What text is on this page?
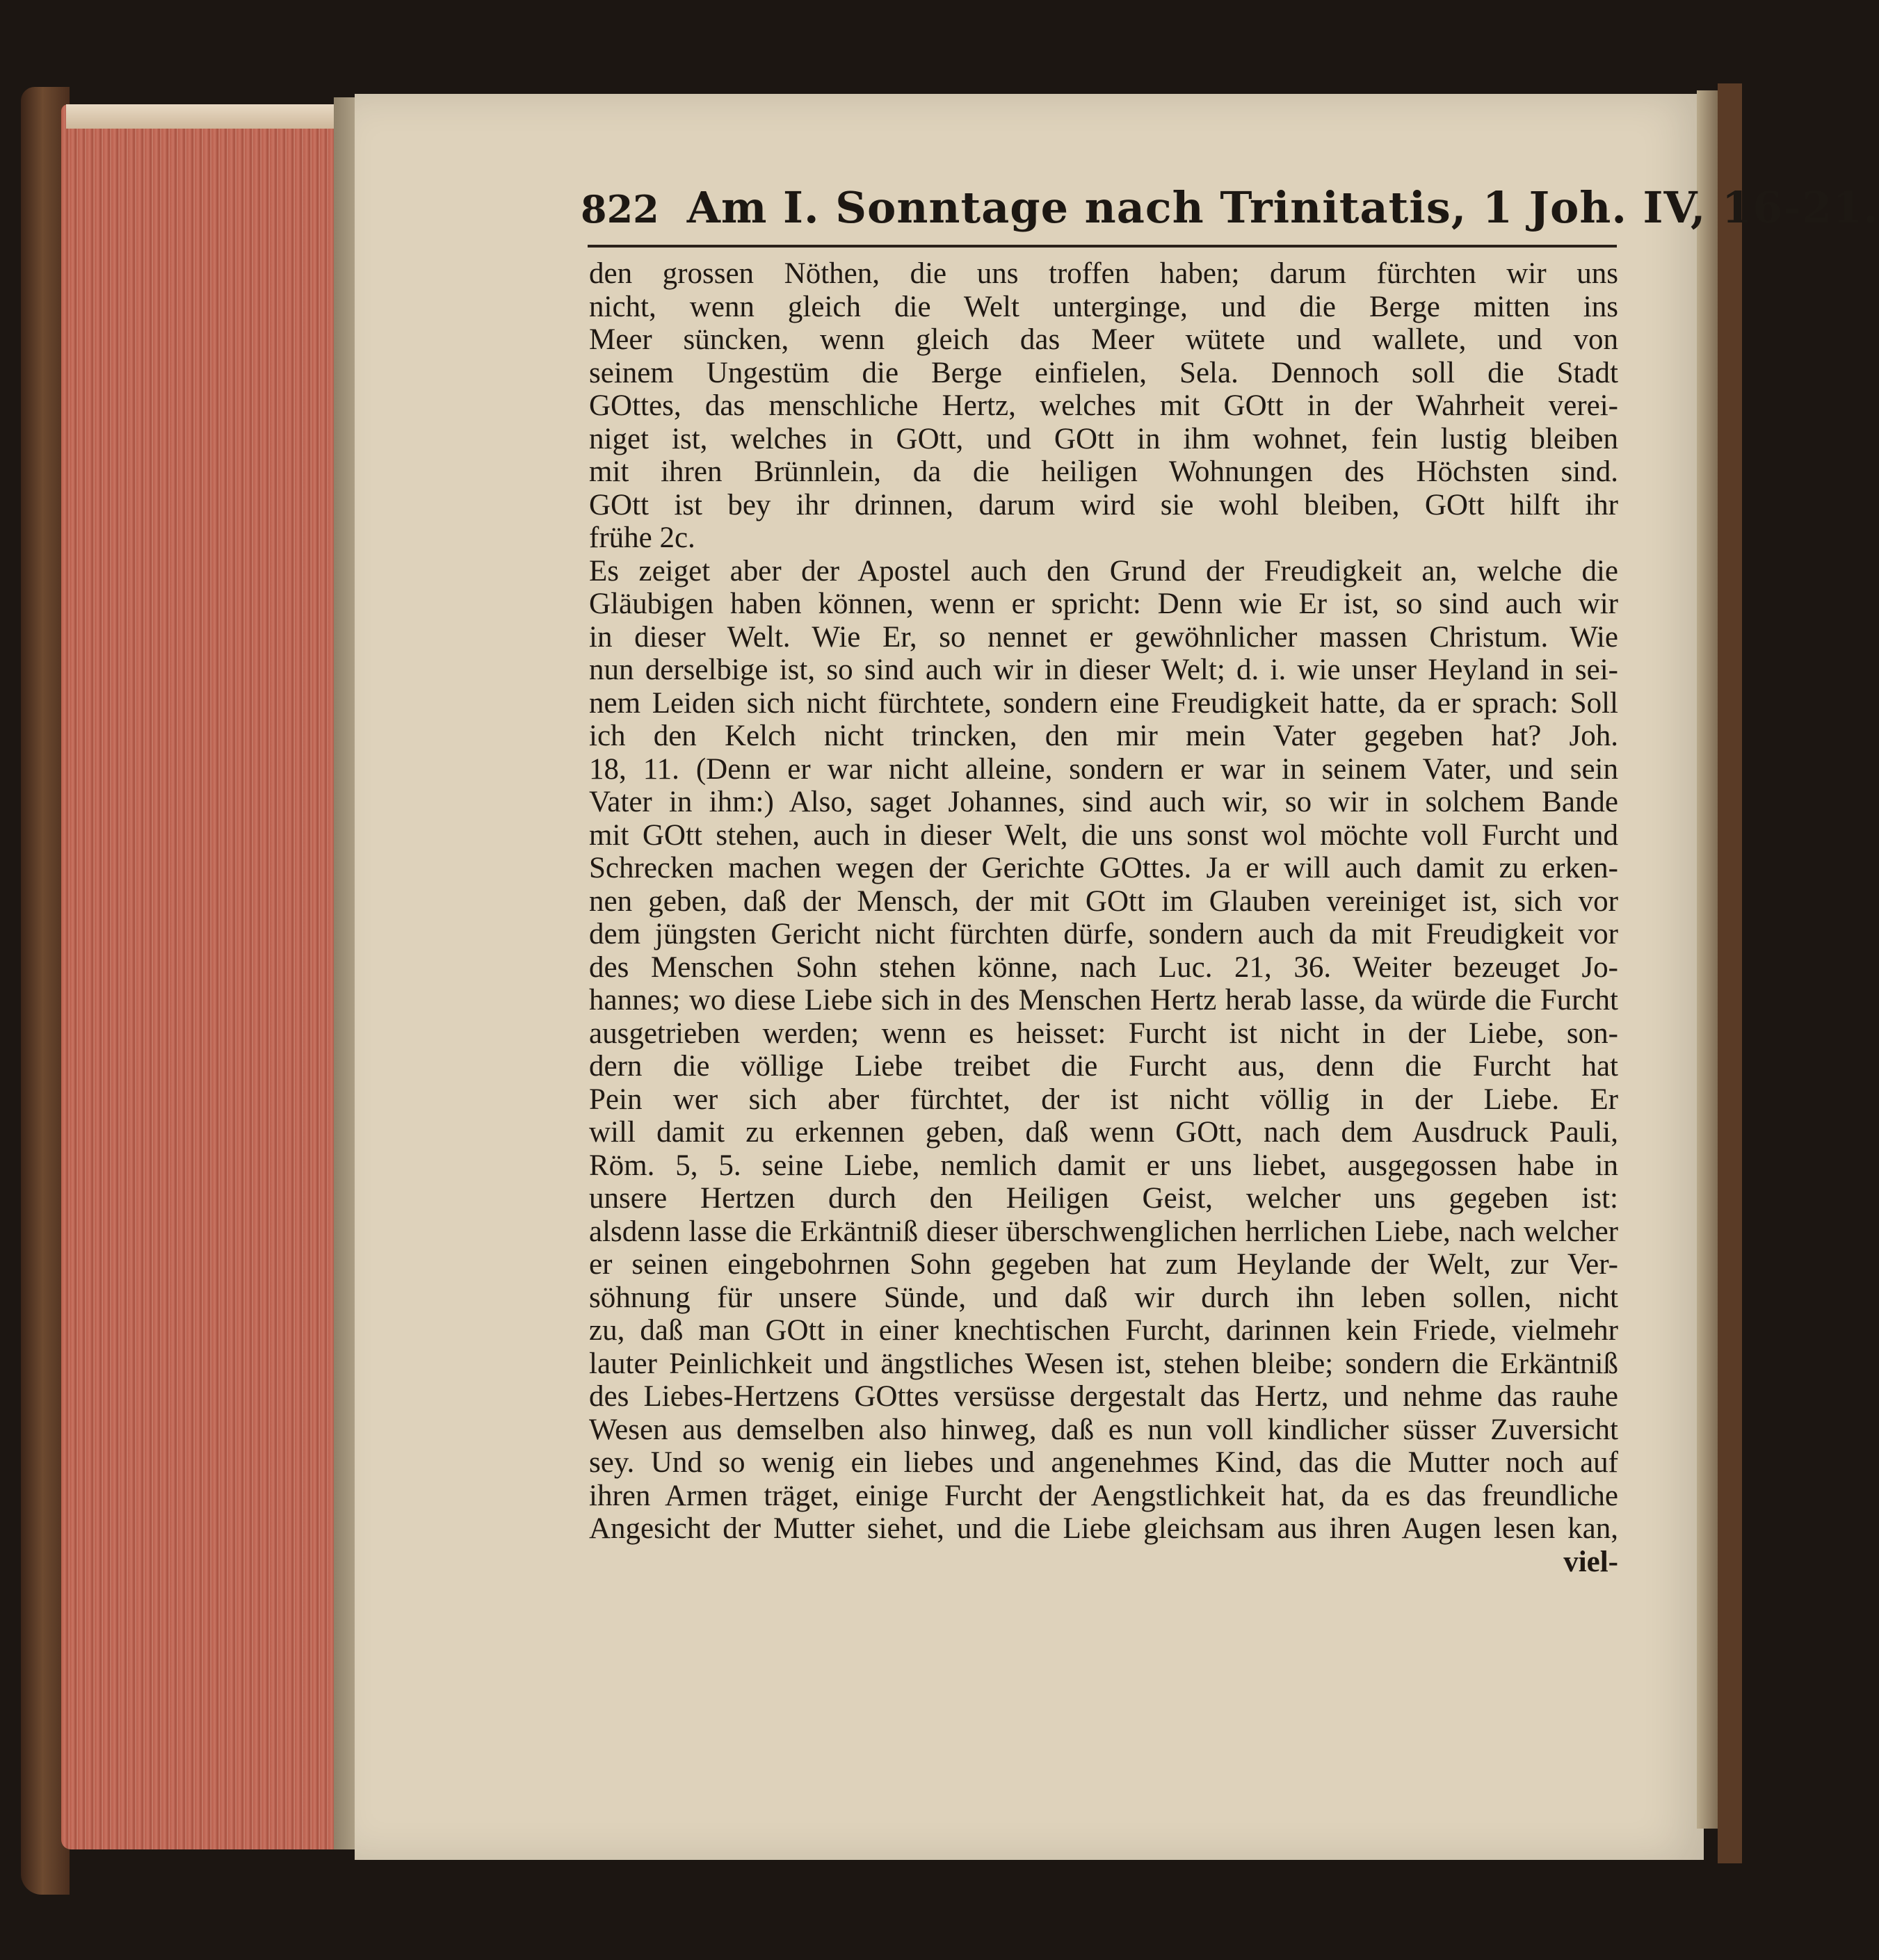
822 Am I. Sonntage nach Trinitatis, 1 Joh. IV, 16-21.
den grossen Nöthen, die uns troffen haben; darum fürchten wir uns
nicht, wenn gleich die Welt unterginge, und die Berge mitten ins
Meer süncken, wenn gleich das Meer wütete und wallete, und von
seinem Ungestüm die Berge einfielen, Sela. Dennoch soll die Stadt
GOttes, das menschliche Hertz, welches mit GOtt in der Wahrheit verei-
niget ist, welches in GOtt, und GOtt in ihm wohnet, fein lustig bleiben
mit ihren Brünnlein, da die heiligen Wohnungen des Höchsten sind.
GOtt ist bey ihr drinnen, darum wird sie wohl bleiben, GOtt hilft ihr
frühe 2c.
Es zeiget aber der Apostel auch den Grund der Freudigkeit an, welche die
Gläubigen haben können, wenn er spricht: Denn wie Er ist, so sind auch wir
in dieser Welt. Wie Er, so nennet er gewöhnlicher massen Christum. Wie
nun derselbige ist, so sind auch wir in dieser Welt; d. i. wie unser Heyland in sei-
nem Leiden sich nicht fürchtete, sondern eine Freudigkeit hatte, da er sprach: Soll
ich den Kelch nicht trincken, den mir mein Vater gegeben hat? Joh.
18, 11. (Denn er war nicht alleine, sondern er war in seinem Vater, und sein
Vater in ihm:) Also, saget Johannes, sind auch wir, so wir in solchem Bande
mit GOtt stehen, auch in dieser Welt, die uns sonst wol möchte voll Furcht und
Schrecken machen wegen der Gerichte GOttes. Ja er will auch damit zu erken-
nen geben, daß der Mensch, der mit GOtt im Glauben vereiniget ist, sich vor
dem jüngsten Gericht nicht fürchten dürfe, sondern auch da mit Freudigkeit vor
des Menschen Sohn stehen könne, nach Luc. 21, 36. Weiter bezeuget Jo-
hannes; wo diese Liebe sich in des Menschen Hertz herab lasse, da würde die Furcht
ausgetrieben werden; wenn es heisset: Furcht ist nicht in der Liebe, son-
dern die völlige Liebe treibet die Furcht aus, denn die Furcht hat
Pein wer sich aber fürchtet, der ist nicht völlig in der Liebe. Er
will damit zu erkennen geben, daß wenn GOtt, nach dem Ausdruck Pauli,
Röm. 5, 5. seine Liebe, nemlich damit er uns liebet, ausgegossen habe in
unsere Hertzen durch den Heiligen Geist, welcher uns gegeben ist:
alsdenn lasse die Erkäntniß dieser überschwenglichen herrlichen Liebe, nach welcher
er seinen eingebohrnen Sohn gegeben hat zum Heylande der Welt, zur Ver-
söhnung für unsere Sünde, und daß wir durch ihn leben sollen, nicht
zu, daß man GOtt in einer knechtischen Furcht, darinnen kein Friede, vielmehr
lauter Peinlichkeit und ängstliches Wesen ist, stehen bleibe; sondern die Erkäntniß
des Liebes-Hertzens GOttes versüsse dergestalt das Hertz, und nehme das rauhe
Wesen aus demselben also hinweg, daß es nun voll kindlicher süsser Zuversicht
sey. Und so wenig ein liebes und angenehmes Kind, das die Mutter noch auf
ihren Armen träget, einige Furcht der Aengstlichkeit hat, da es das freundliche
Angesicht der Mutter siehet, und die Liebe gleichsam aus ihren Augen lesen kan,
viel-
